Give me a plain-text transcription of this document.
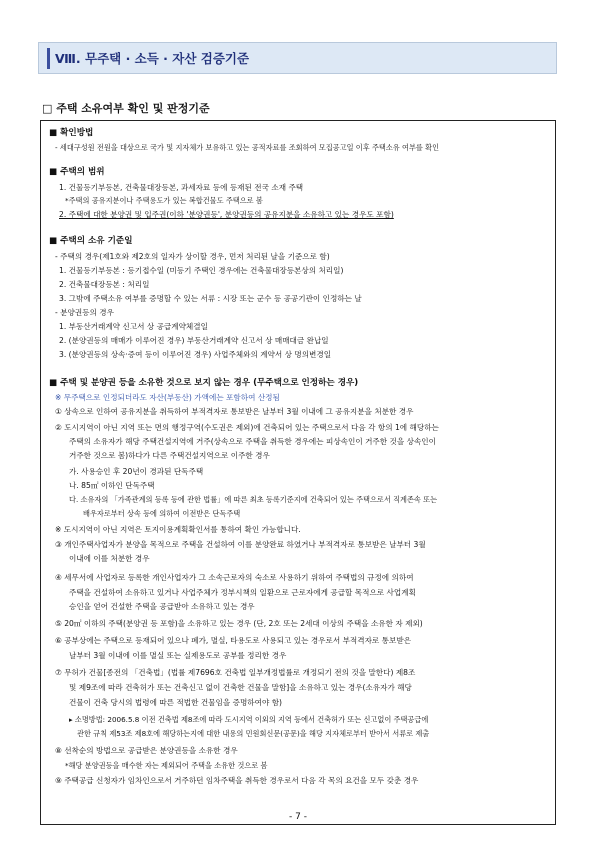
Ⅷ. 무주택 · 소득 · 자산 검증기준
□ 주택 소유여부 확인 및 판정기준
■ 확인방법
- 세대구성원 전원을 대상으로 국가 및 지자체가 보유하고 있는 공적자료를 조회하여 모집공고일 이후 주택소유 여부를 확인
■ 주택의 범위
1. 건물등기부등본, 건축물대장등본, 과세자료 등에 등재된 전국 소재 주택
*주택의 공유지분이나 주택용도가 있는 복합건물도 주택으로 봄
2. 주택에 대한 분양권 및 입주권(이하 '분양권등', 분양권등의 공유지분을 소유하고 있는 경우도 포함)
■ 주택의 소유 기준일
- 주택의 경우(제1호와 제2호의 일자가 상이할 경우, 먼저 처리된 날을 기준으로 함)
1. 건물등기부등본 : 등기접수일 (미등기 주택인 경우에는 건축물대장등본상의 처리일)
2. 건축물대장등본 : 처리일
3. 그밖에 주택소유 여부를 증명할 수 있는 서류 : 시장 또는 군수 등 공공기관이 인정하는 날
- 분양권등의 경우
1. 부동산거래계약 신고서 상 공급계약체결일
2. (분양권등의 매매가 이루어진 경우) 부동산거래계약 신고서 상 매매대금 완납일
3. (분양권등의 상속·증여 등이 이루어진 경우) 사업주체와의 계약서 상 명의변경일
■ 주택 및 분양권 등을 소유한 것으로 보지 않는 경우 (무주택으로 인정하는 경우)
※ 무주택으로 인정되더라도 자산(부동산) 가액에는 포함하여 산정됨
① 상속으로 인하여 공유지분을 취득하여 부적격자로 통보받은 날부터 3월 이내에 그 공유지분을 처분한 경우
② 도시지역이 아닌 지역 또는 면의 행정구역(수도권은 제외)에 건축되어 있는 주택으로서 다음 각 항의 1에 해당하는
주택의 소유자가 해당 주택건설지역에 거주(상속으로 주택을 취득한 경우에는 피상속인이 거주한 것을 상속인이
거주한 것으로 봄)하다가 다른 주택건설지역으로 이주한 경우
가. 사용승인 후 20년이 경과된 단독주택
나. 85㎡ 이하인 단독주택
다. 소유자의 「가족관계의 등록 등에 관한 법률」에 따른 최초 등록기준지에 건축되어 있는 주택으로서 직계존속 또는
배우자로부터 상속 등에 의하여 이전받은 단독주택
※ 도시지역이 아닌 지역은 토지이용계획확인서를 통하여 확인 가능합니다.
③ 개인주택사업자가 분양을 목적으로 주택을 건설하여 이를 분양완료 하였거나 부적격자로 통보받은 날부터 3월
이내에 이를 처분한 경우
④ 세무서에 사업자로 등록한 개인사업자가 그 소속근로자의 숙소로 사용하기 위하여 주택법의 규정에 의하여
주택을 건설하여 소유하고 있거나 사업주체가 정부시책의 일환으로 근로자에게 공급할 목적으로 사업계획
승인을 얻어 건설한 주택을 공급받아 소유하고 있는 경우
⑤ 20㎡ 이하의 주택(분양권 등 포함)을 소유하고 있는 경우 (단, 2호 또는 2세대 이상의 주택을 소유한 자 제외)
⑥ 공부상에는 주택으로 등재되어 있으나 폐가, 멸실, 타용도로 사용되고 있는 경우로서 부적격자로 통보받은
날부터 3월 이내에 이를 멸실 또는 실제용도로 공부를 정리한 경우
⑦ 무허가 건물[종전의 「건축법」(법률 제7696호 건축법 일부개정법률로 개정되기 전의 것을 말한다) 제8조
및 제9조에 따라 건축허가 또는 건축신고 없이 건축한 건물을 말함]을 소유하고 있는 경우(소유자가 해당
건물이 건축 당시의 법령에 따른 적법한 건물임을 증명하여야 함)
▸ 소명방법: 2006.5.8 이전 건축법 제8조에 따라 도시지역 이외의 지역 등에서 건축허가 또는 신고없이 주택공급에
관한 규칙 제53조 제8호에 해당하는지에 대한 내용의 민원회신문(공문)을 해당 지자체로부터 받아서 서류로 제출
⑧ 선착순의 방법으로 공급받은 분양권등을 소유한 경우
*해당 분양권등을 매수한 자는 제외되어 주택을 소유한 것으로 봄
⑨ 주택공급 신청자가 임차인으로서 거주하던 임차주택을 취득한 경우로서 다음 각 목의 요건을 모두 갖춘 경우
- 7 -
